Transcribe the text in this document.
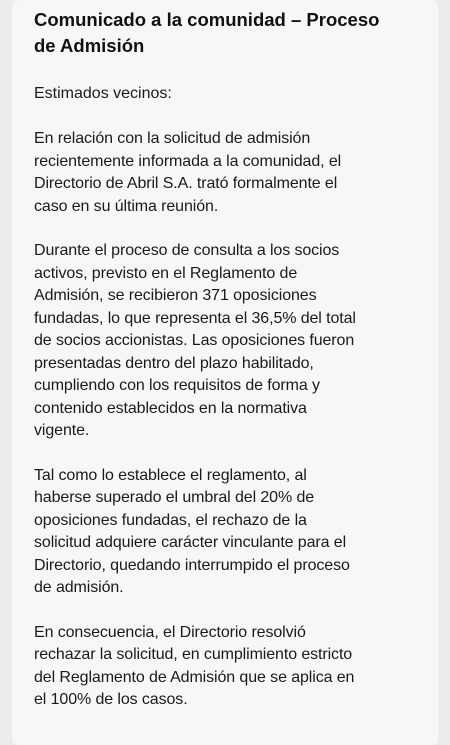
Comunicado a la comunidad – Proceso
de Admisión
Estimados vecinos:
En relación con la solicitud de admisión
recientemente informada a la comunidad, el
Directorio de Abril S.A. trató formalmente el
caso en su última reunión.
Durante el proceso de consulta a los socios
activos, previsto en el Reglamento de
Admisión, se recibieron 371 oposiciones
fundadas, lo que representa el 36,5% del total
de socios accionistas. Las oposiciones fueron
presentadas dentro del plazo habilitado,
cumpliendo con los requisitos de forma y
contenido establecidos en la normativa
vigente.
Tal como lo establece el reglamento, al
haberse superado el umbral del 20% de
oposiciones fundadas, el rechazo de la
solicitud adquiere carácter vinculante para el
Directorio, quedando interrumpido el proceso
de admisión.
En consecuencia, el Directorio resolvió
rechazar la solicitud, en cumplimiento estricto
del Reglamento de Admisión que se aplica en
el 100% de los casos.
